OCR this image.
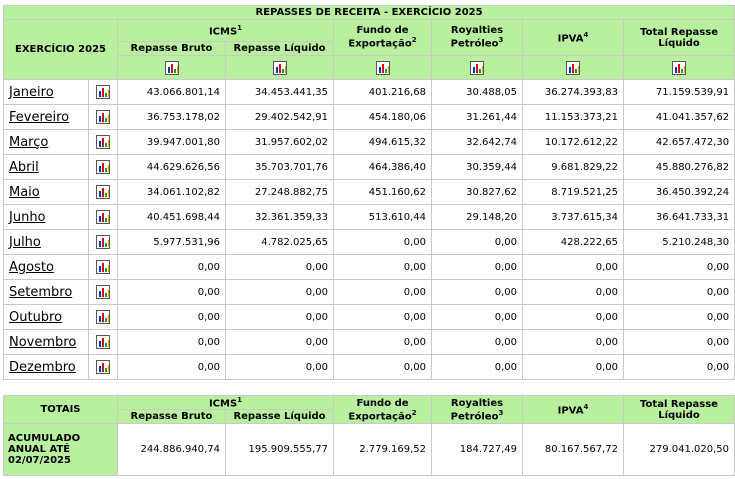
REPASSES DE RECEITA - EXERCÍCIO 2025							
EXERCÍCIO 2025		ICMS$^1$		Fundo de Exportação$^2$	Royalties Petróleo$^3$	IPVA$^4$	Total Repasse Líquido
		Repasse Bruto	Repasse Líquido				

Janeiro		43.066.801,14	34.453.441,35	401.216,68	30.488,05	36.274.393,83	71.159.539,91
Fevereiro		36.753.178,02	29.402.542,91	454.180,06	31.261,44	11.153.373,21	41.041.357,62
Março		39.947.001,80	31.957.602,02	494.615,32	32.642,74	10.172.612,22	42.657.472,30
Abril		44.629.626,56	35.703.701,76	464.386,40	30.359,44	9.681.829,22	45.880.276,82
Maio		34.061.102,82	27.248.882,75	451.160,62	30.827,62	8.719.521,25	36.450.392,24
Junho		40.451.698,44	32.361.359,33	513.610,44	29.148,20	3.737.615,34	36.641.733,31
Julho		5.977.531,96	4.782.025,65	0,00	0,00	428.222,65	5.210.248,30
Agosto		0,00	0,00	0,00	0,00	0,00	0,00
Setembro		0,00	0,00	0,00	0,00	0,00	0,00
Outubro		0,00	0,00	0,00	0,00	0,00	0,00
Novembro		0,00	0,00	0,00	0,00	0,00	0,00
Dezembro		0,00	0,00	0,00	0,00	0,00	0,00
TOTAIS	ICMS$^1$		Fundo de Exportação$^2$	Royalties Petróleo$^3$	IPVA$^4$	Total Repasse Líquido
	Repasse Bruto	Repasse Líquido				
ACUMULADO ANUAL ATÉ 02/07/2025	244.886.940,74	195.909.555,77	2.779.169,52	184.727,49	80.167.567,72	279.041.020,50
